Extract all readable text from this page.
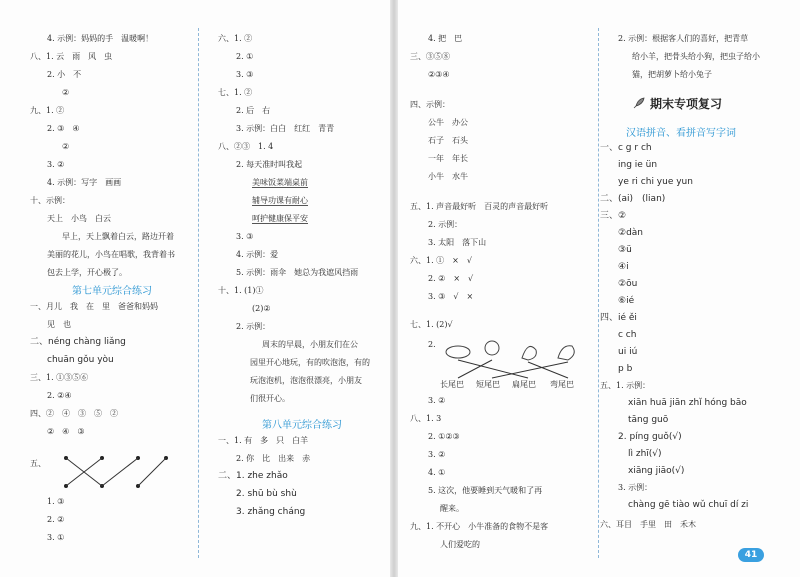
4. 示例：妈妈的手　温暖啊！
八、1. 云　雨　风　虫
2. 小　不
②
九、1. ②
2. ③　④
②
3. ②
4. 示例：写字　画画
十、示例：
天上　小鸟　白云
早上，天上飘着白云，路边开着
美丽的花儿，小鸟在唱歌，我背着书
包去上学，开心极了。
第七单元综合练习
一、月儿　我　在　里　爸爸和妈妈
见　也
二、néng chàng liǎng
chuān gǒu yòu
三、1. ①③⑤⑥
2. ②④
四、②　④　③　⑤　②
②　④　③
五、
1. ③
2. ②
3. ①
六、1. ②
2. ①
3. ③
七、1. ②
2. 后　右
3. 示例：白白　红红　青青
八、②③　1. 4
2. 每天准时叫我起
美味饭菜端桌前
辅导功课有耐心
呵护健康保平安
3. ③
4. 示例：爱
5. 示例：雨伞　她总为我遮风挡雨
十、1. (1)①
(2)②
2. 示例：
周末的早晨，小朋友们在公
园里开心地玩，有的吹泡泡，有的
玩泡泡机，泡泡很漂亮，小朋友
们很开心。
第八单元综合练习
一、1. 有　多　只　白羊
2. 你　比　出来　赤
二、1. zhe zhǎo
2. shū bù shù
3. zhǎng cháng
4. 把　巴
三、③⑤⑧
②③④
四、示例：
公牛　办公
石子　石头
一年　年长
小牛　水牛
五、1. 声音最好听　百灵的声音最好听
2. 示例：
3. 太阳　落下山
六、1. ①　×　√
2. ②　×　√
3. ③　√　×
七、1. (2)√
2.
长尾巴 短尾巴 扁尾巴 弯尾巴
3. ②
八、1. 3
2. ①②③
3. ②
4. ①
5. 这次，他要睡到天气暖和了再
醒来。
九、1. 不开心　小牛准备的食物不是客
人们爱吃的
2. 示例：根据客人们的喜好，把青草
给小羊，把骨头给小狗，把虫子给小
猫，把胡萝卜给小兔子
期末专项复习
汉语拼音、看拼音写字词
一、c g r ch
ing ie ün
ye ri chi yue yun
二、(ai)　(lian)
三、②
②dàn
③ü
④i
②ōu
⑥ié
四、ié ěi
c ch
ui iú
p b
五、1. 示例：
xiān huā jiān zhǐ hóng bāo
tāng guō
2. píng guǒ(√)
lì zhī(√)
xiāng jiāo(√)
3. 示例：
chàng gē tiào wǔ chuī dí zi
六、耳目　手里　田　禾木
41
